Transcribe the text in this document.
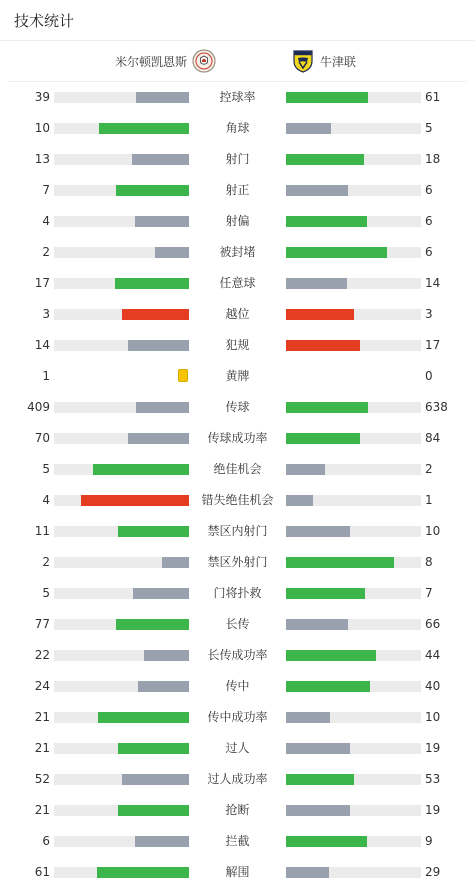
技术统计
米尔顿凯恩斯	牛津联
39	控球率	61
10	角球	5
13	射门	18
7	射正	6
4	射偏	6
2	被封堵	6
17	任意球	14
3	越位	3
14	犯规	17
1	黄牌	0
409	传球	638
70	传球成功率	84
5	绝佳机会	2
4	错失绝佳机会	1
11	禁区内射门	10
2	禁区外射门	8
5	门将扑救	7
77	长传	66
22	长传成功率	44
24	传中	40
21	传中成功率	10
21	过人	19
52	过人成功率	53
21	抢断	19
6	拦截	9
61	解围	29
